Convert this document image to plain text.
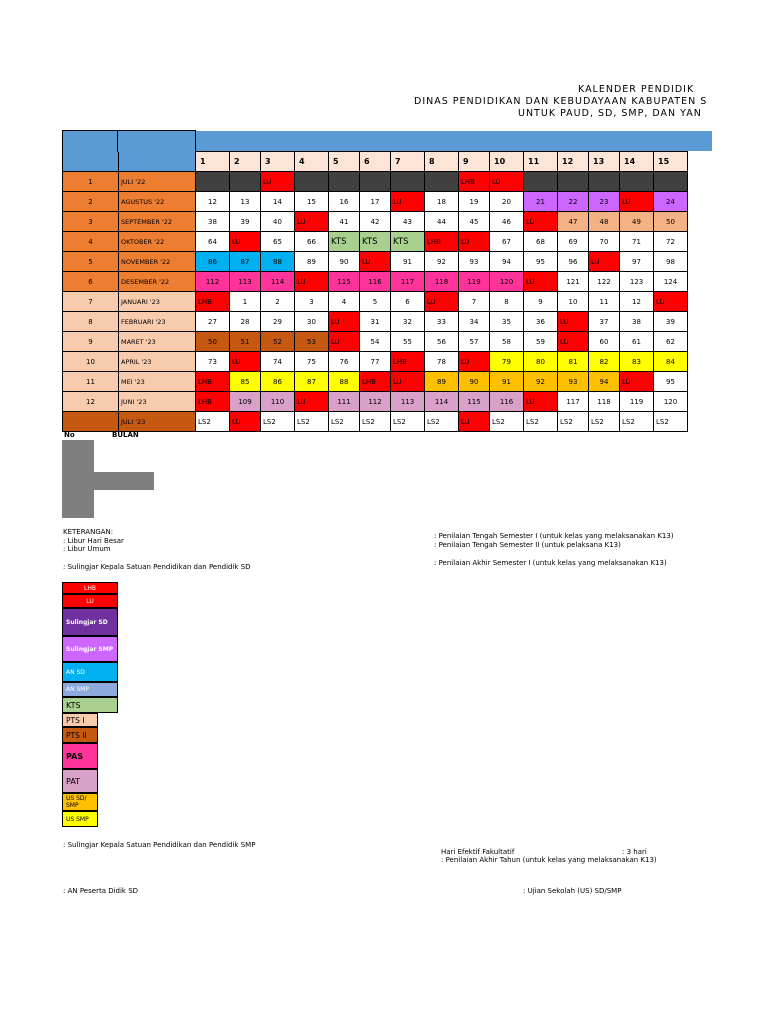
KALENDER PENDIDIK
DINAS PENDIDIKAN DAN KEBUDAYAAN KABUPATEN S
UNTUK PAUD, SD, SMP, DAN YAN
		1	2	3	4	5	6	7	8	9	10	11	12	13	14	15
1	JULI '22			LU						LHB	LU					
2	AGUSTUS '22	12	13	14	15	16	17	LU	18	19	20	21	22	23	LU	24
3	SEPTEMBER '22	38	39	40	LU	41	42	43	44	45	46	LU	47	48	49	50
4	OKTOBER '22	64	LU	65	66	KTS	KTS	KTS	LHB	LU	67	68	69	70	71	72
5	NOVEMBER '22	86	87	88	89	90	LU	91	92	93	94	95	96	LU	97	98
6	DESEMBER '22	112	113	114	LU	115	116	117	118	119	120	LU	121	122	123	124
7	JANUARI '23	LHB	1	2	3	4	5	6	LU	7	8	9	10	11	12	LU
8	FEBRUARI '23	27	28	29	30	LU	31	32	33	34	35	36	LU	37	38	39
9	MARET '23	50	51	52	53	LU	54	55	56	57	58	59	LU	60	61	62
10	APRIL '23	73	LU	74	75	76	77	LHB	78	LU	79	80	81	82	83	84
11	MEI '23	LHB	85	86	87	88	LHB	LU	89	90	91	92	93	94	LU	95
12	JUNI '23	LHB	109	110	LU	111	112	113	114	115	116	LU	117	118	119	120
	JULI '23	LS2	LU	LS2	LS2	LS2	LS2	LS2	LS2	LU	LS2	LS2	LS2	LS2	LS2	LS2
No	BULAN
KETERANGAN:
: Libur Hari Besar
: Libur Umum
: Sulingjar Kepala Satuan Pendidikan dan Pendidik SD
: Penilaian Tengah Semester I (untuk kelas yang melaksanakan K13)
: Penilaian Tengah Semester II (untuk pelaksana K13)
: Penilaian Akhir Semester I (untuk kelas yang melaksanakan K13)
LHB
LU
Sulingjar SD
Sulingjar SMP
AN SD
AN SMP
KTS
PTS I
PTS II
PAS
PAT
US SD/ SMP
US SMP
: Sulingjar Kepala Satuan Pendidikan dan Pendidik SMP
Hari Efektif Fakultatif	: 3 hari
: Penilaian Akhir Tahun (untuk kelas yang melaksanakan K13)
: AN Peserta Didik SD	: Ujian Sekolah (US) SD/SMP
